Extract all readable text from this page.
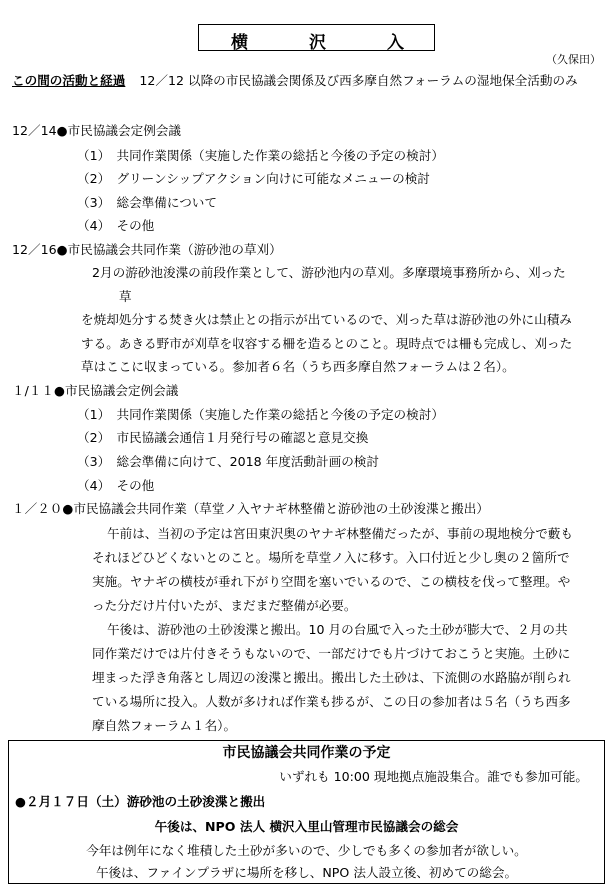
横	沢	入

（久保田）

この間の活動と経過 12／12 以降の市民協議会関係及び西多摩自然フォーラムの湿地保全活動のみ

12／14●市民協議会定例会議

（1）　共同作業関係（実施した作業の総括と今後の予定の検討）

（2）　グリーンシップアクション向けに可能なメニューの検討

（3）　総会準備について

（4）　その他

12／16●市民協議会共同作業（游砂池の草刈）

2月の游砂池浚渫の前段作業として、游砂池内の草刈。多摩環境事務所から、刈った

草

を焼却処分する焚き火は禁止との指示が出ているので、刈った草は游砂池の外に山積み

する。あきる野市が刈草を収容する柵を造るとのこと。現時点では柵も完成し、刈った

草はここに収まっている。参加者６名（うち西多摩自然フォーラムは２名）。

１/１１●市民協議会定例会議

（1）　共同作業関係（実施した作業の総括と今後の予定の検討）

（2）　市民協議会通信１月発行号の確認と意見交換

（3）　総会準備に向けて、2018 年度活動計画の検討

（4）　その他

１／２０●市民協議会共同作業（草堂ノ入ヤナギ林整備と游砂池の土砂浚渫と搬出）

午前は、当初の予定は宮田東沢奥のヤナギ林整備だったが、事前の現地検分で藪も

それほどひどくないとのこと。場所を草堂ノ入に移す。入口付近と少し奥の２箇所で

実施。ヤナギの横枝が垂れ下がり空間を塞いでいるので、この横枝を伐って整理。や

った分だけ片付いたが、まだまだ整備が必要。

午後は、游砂池の土砂浚渫と搬出。10 月の台風で入った土砂が膨大で、２月の共

同作業だけでは片付きそうもないので、一部だけでも片づけておこうと実施。土砂に

埋まった浮き角落とし周辺の浚渫と搬出。搬出した土砂は、下流側の水路脇が削られ

ている場所に投入。人数が多ければ作業も捗るが、この日の参加者は５名（うち西多

摩自然フォーラム１名）。

市民協議会共同作業の予定

いずれも 10:00 現地拠点施設集合。誰でも参加可能。

●２月１７日（土）游砂池の土砂浚渫と搬出

午後は、NPO 法人 横沢入里山管理市民協議会の総会

今年は例年になく堆積した土砂が多いので、少しでも多くの参加者が欲しい。

午後は、ファインプラザに場所を移し、NPO 法人設立後、初めての総会。
